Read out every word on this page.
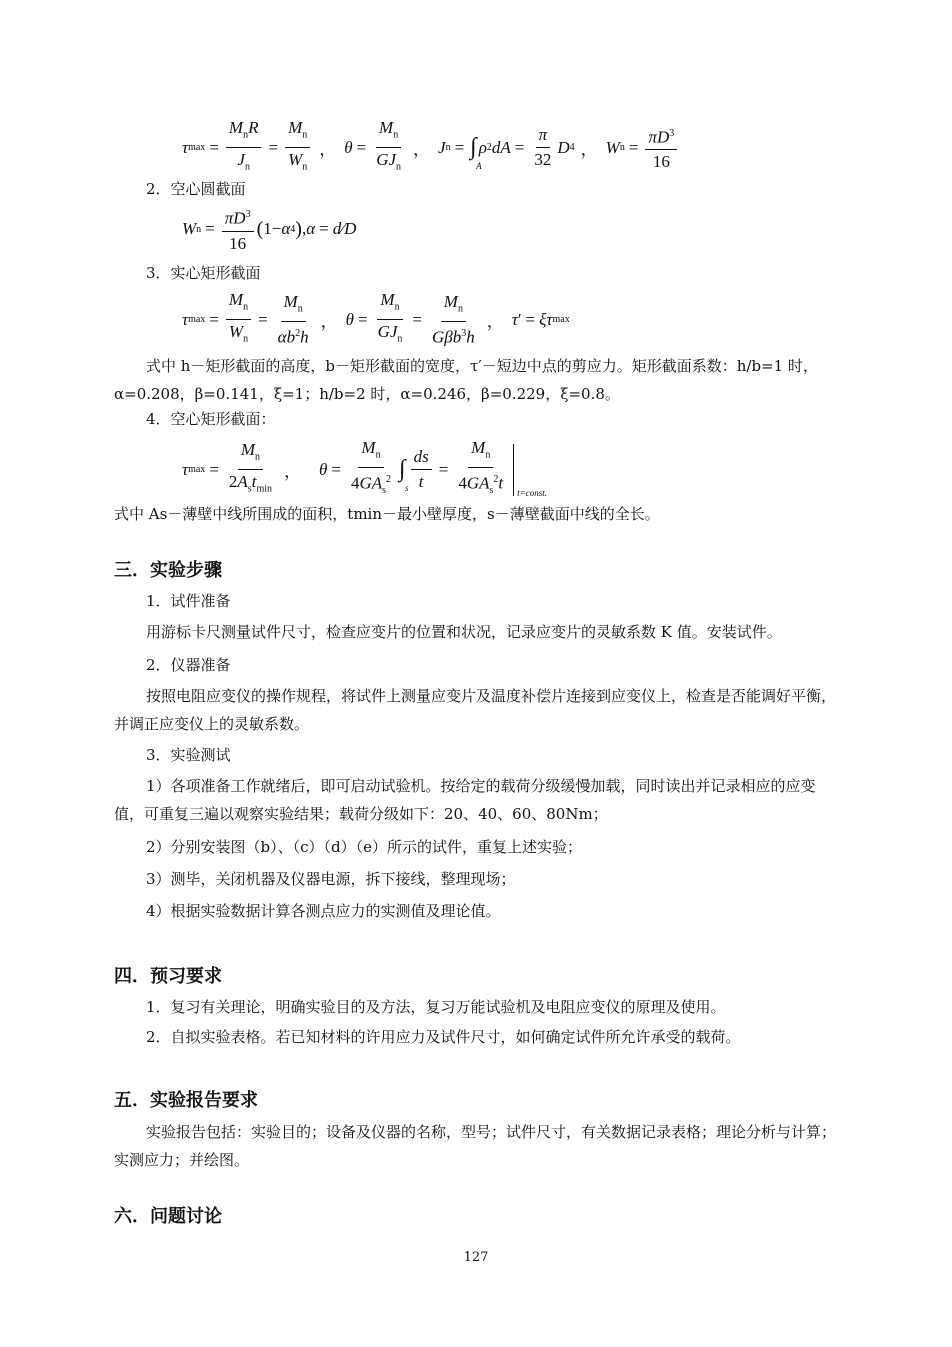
τ $\max = \frac{M_nR}{J_n} = \frac{M_n}{W_n}$ ， $\theta = \frac{M_n}{GJ_n}$ ， J n = ∫
A
ρ 2 dA = $\frac{\pi}{32}$ D 4 ， W $n = \frac{\pi D^3}{16}$
2．空心圆截面
W $n = \frac{\pi D^3}{16}$ ( 1− α 4 ) , α = d ⁄ D
3．实心矩形截面
τ $\max = \frac{M_n}{W_n} = \frac{M_n}{\alpha b^2h}$ ， $\theta = \frac{M_n}{GJ_n} = \frac{M_n}{G\beta b^3h}$ ， τ ′ = ξτ max
式中 h－矩形截面的高度，b－矩形截面的宽度，τ′－短边中点的剪应力。矩形截面系数：h/b=1 时，α=0.208，β=0.141，ξ=1；h/b=2 时，α=0.246，β=0.229，ξ=0.8。
4．空心矩形截面：
τ $\max = \frac{M_n}{2A_st_{min}}$ ， $\theta = \frac{M_n}{4GA_s^2}$ ∫
s $\frac{ds}{t} = \frac{M_n}{4GA_s^2t}$ t=const.
式中 As－薄壁中线所围成的面积，tmin－最小壁厚度，s－薄壁截面中线的全长。
三．实验步骤
1．试件准备
用游标卡尺测量试件尺寸，检查应变片的位置和状况，记录应变片的灵敏系数 K 值。安装试件。
2．仪器准备
按照电阻应变仪的操作规程，将试件上测量应变片及温度补偿片连接到应变仪上，检查是否能调好平衡，并调正应变仪上的灵敏系数。
3．实验测试
1）各项准备工作就绪后，即可启动试验机。按给定的载荷分级缓慢加载，同时读出并记录相应的应变值，可重复三遍以观察实验结果；载荷分级如下：20、40、60、80Nm；
2）分别安装图（b）、（c）（d）（e）所示的试件，重复上述实验；
3）测毕，关闭机器及仪器电源，拆下接线，整理现场；
4）根据实验数据计算各测点应力的实测值及理论值。
四．预习要求
1．复习有关理论，明确实验目的及方法，复习万能试验机及电阻应变仪的原理及使用。
2．自拟实验表格。若已知材料的许用应力及试件尺寸，如何确定试件所允许承受的载荷。
五．实验报告要求
实验报告包括：实验目的；设备及仪器的名称，型号；试件尺寸，有关数据记录表格；理论分析与计算；实测应力；并绘图。
六．问题讨论
127
